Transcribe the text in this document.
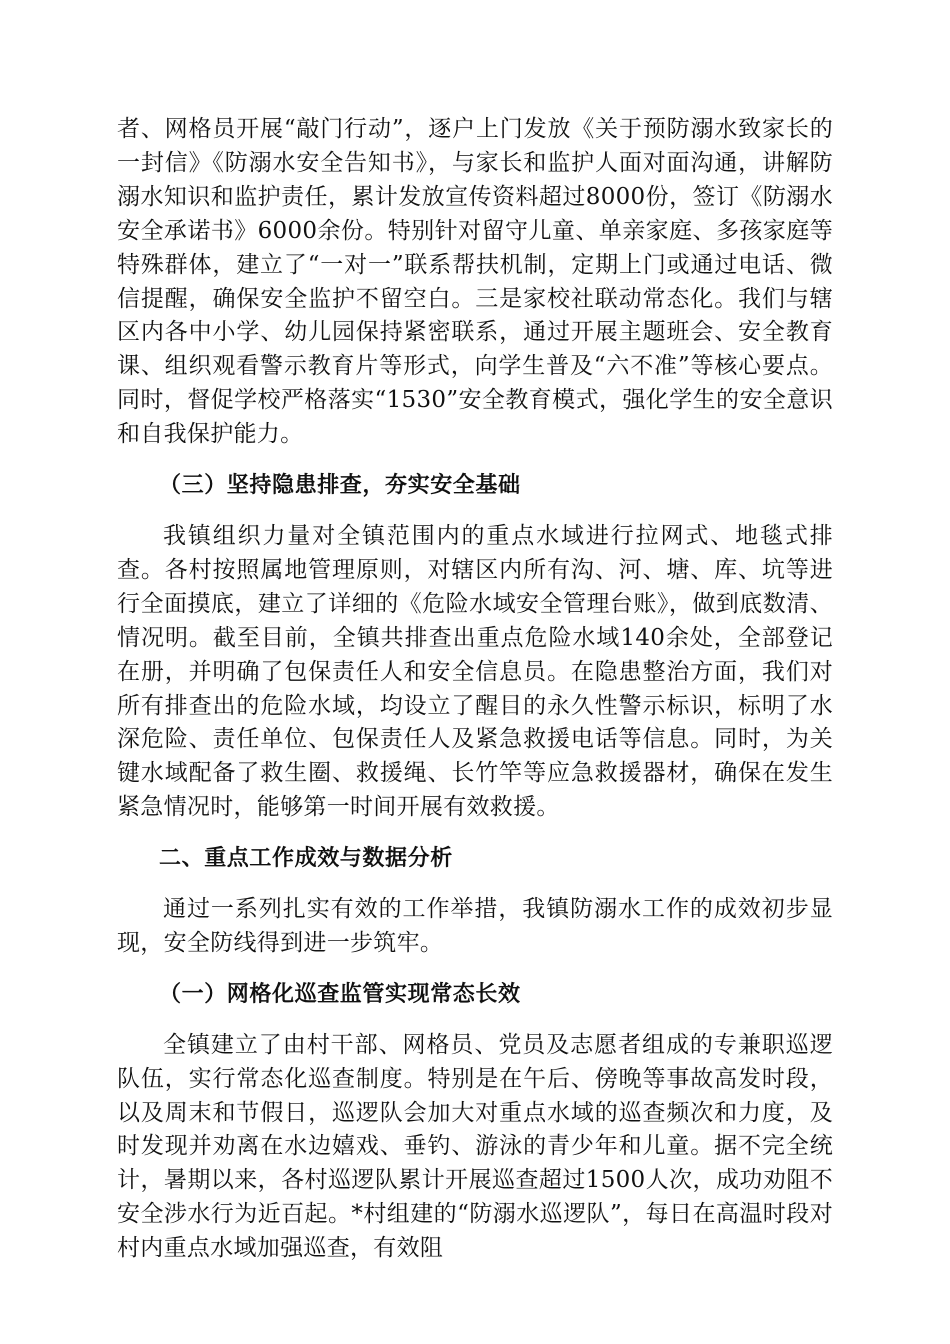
者、网格员开展“敲门行动”，逐户上门发放《关于预防溺水致家长的一封信》《防溺水安全告知书》，与家长和监护人面对面沟通，讲解防溺水知识和监护责任，累计发放宣传资料超过8000份，签订《防溺水安全承诺书》6000余份。特别针对留守儿童、单亲家庭、多孩家庭等特殊群体，建立了“一对一”联系帮扶机制，定期上门或通过电话、微信提醒，确保安全监护不留空白。三是家校社联动常态化。我们与辖区内各中小学、幼儿园保持紧密联系，通过开展主题班会、安全教育课、组织观看警示教育片等形式，向学生普及“六不准”等核心要点。同时，督促学校严格落实“1530”安全教育模式，强化学生的安全意识和自我保护能力。

（三）坚持隐患排查，夯实安全基础

我镇组织力量对全镇范围内的重点水域进行拉网式、地毯式排查。各村按照属地管理原则，对辖区内所有沟、河、塘、库、坑等进行全面摸底，建立了详细的《危险水域安全管理台账》，做到底数清、情况明。截至目前，全镇共排查出重点危险水域140余处，全部登记在册，并明确了包保责任人和安全信息员。在隐患整治方面，我们对所有排查出的危险水域，均设立了醒目的永久性警示标识，标明了水深危险、责任单位、包保责任人及紧急救援电话等信息。同时，为关键水域配备了救生圈、救援绳、长竹竿等应急救援器材，确保在发生紧急情况时，能够第一时间开展有效救援。

二、重点工作成效与数据分析

通过一系列扎实有效的工作举措，我镇防溺水工作的成效初步显现，安全防线得到进一步筑牢。

（一）网格化巡查监管实现常态长效

全镇建立了由村干部、网格员、党员及志愿者组成的专兼职巡逻队伍，实行常态化巡查制度。特别是在午后、傍晚等事故高发时段，以及周末和节假日，巡逻队会加大对重点水域的巡查频次和力度，及时发现并劝离在水边嬉戏、垂钓、游泳的青少年和儿童。据不完全统计，暑期以来，各村巡逻队累计开展巡查超过1500人次，成功劝阻不安全涉水行为近百起。*村组建的“防溺水巡逻队”，每日在高温时段对村内重点水域加强巡查，有效阻
